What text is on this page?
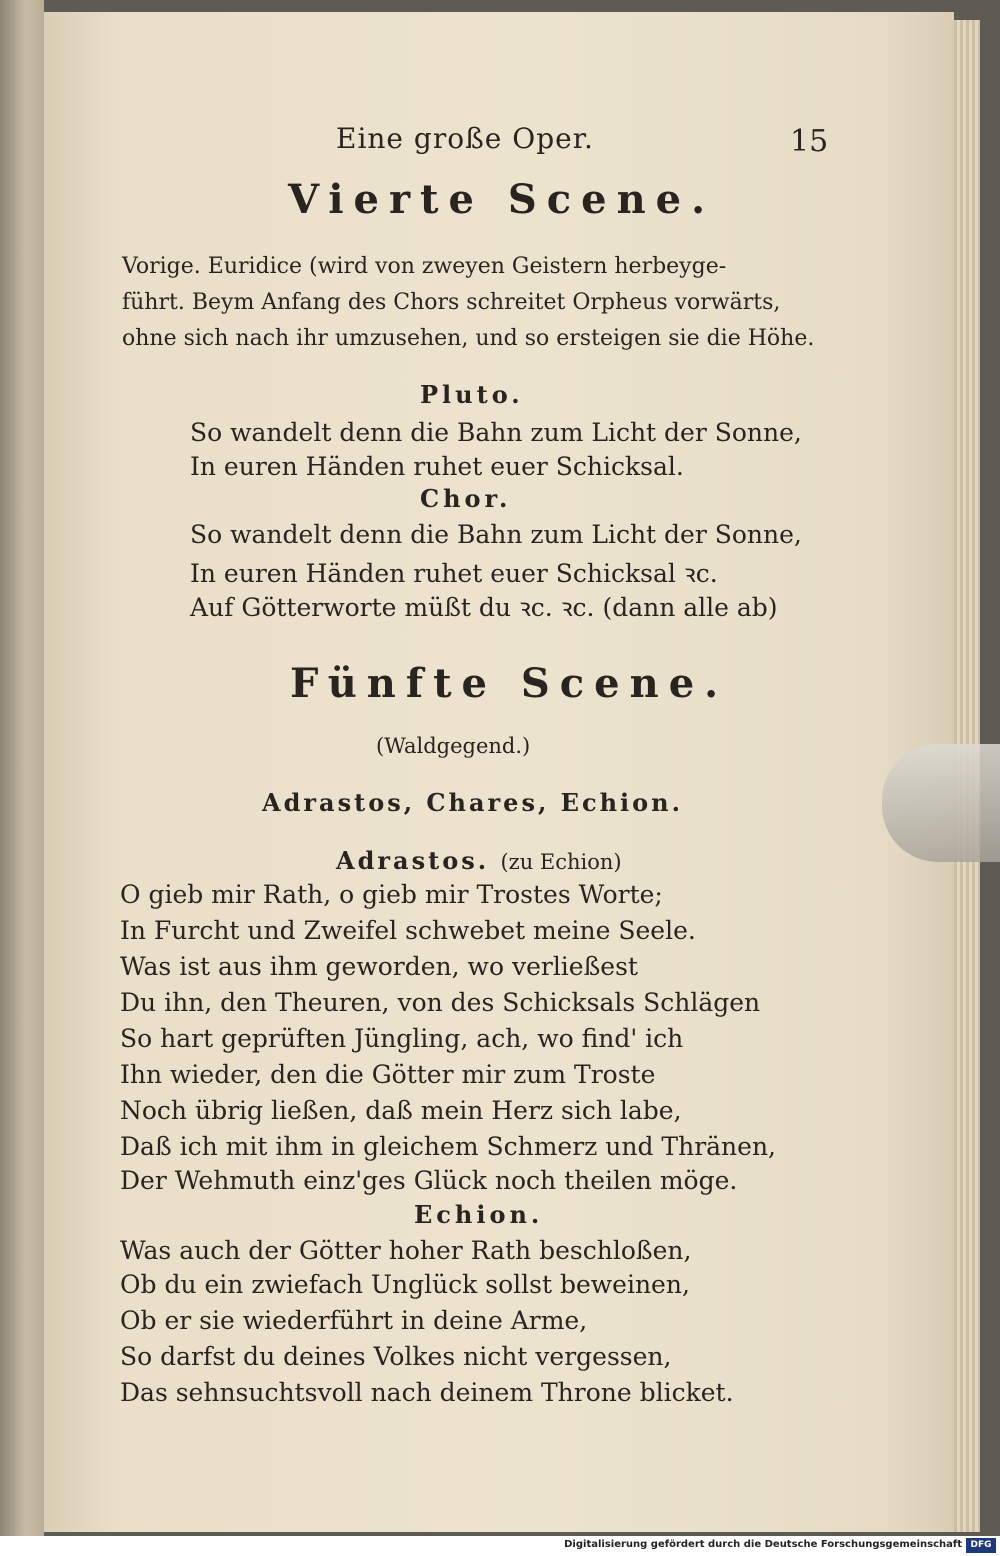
Eine große Oper.	15
Vierte Scene.
Vorige. Euridice (wird von zweyen Geistern herbeyge-
führt. Beym Anfang des Chors schreitet Orpheus vorwärts,
ohne sich nach ihr umzusehen, und so ersteigen sie die Höhe.
Pluto.
So wandelt denn die Bahn zum Licht der Sonne,
In euren Händen ruhet euer Schicksal.
Chor.
So wandelt denn die Bahn zum Licht der Sonne,
In euren Händen ruhet euer Schicksal ꝛc.
Auf Götterworte müßt du ꝛc. ꝛc. (dann alle ab)
Fünfte Scene.
(Waldgegend.)
Adrastos, Chares, Echion.
Adrastos. (zu Echion)
O gieb mir Rath, o gieb mir Trostes Worte;
In Furcht und Zweifel schwebet meine Seele.
Was ist aus ihm geworden, wo verließest
Du ihn, den Theuren, von des Schicksals Schlägen
So hart geprüften Jüngling, ach, wo find' ich
Ihn wieder, den die Götter mir zum Troste
Noch übrig ließen, daß mein Herz sich labe,
Daß ich mit ihm in gleichem Schmerz und Thränen,
Der Wehmuth einz'ges Glück noch theilen möge.
Echion.
Was auch der Götter hoher Rath beschloßen,
Ob du ein zwiefach Unglück sollst beweinen,
Ob er sie wiederführt in deine Arme,
So darfst du deines Volkes nicht vergessen,
Das sehnsuchtsvoll nach deinem Throne blicket.
Digitalisierung gefördert durch die Deutsche Forschungsgemeinschaft DFG
